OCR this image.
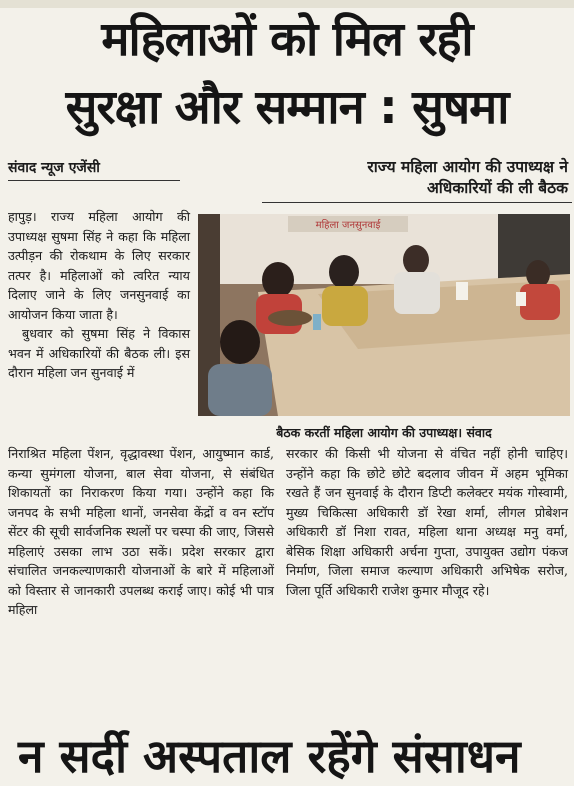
महिलाओं को मिल रही
सुरक्षा और सम्मान : सुषमा
संवाद न्यूज एजेंसी	राज्य महिला आयोग की उपाध्यक्ष ने
अधिकारियों की ली बैठक

हापुड़। राज्य महिला आयोग की उपाध्यक्ष सुषमा सिंह ने कहा कि महिला उत्पीड़न की रोकथाम के लिए सरकार तत्पर है। महिलाओं को त्वरित न्याय दिलाए जाने के लिए जनसुनवाई का आयोजन किया जाता है।

बुधवार को सुषमा सिंह ने विकास भवन में अधिकारियों की बैठक ली। इस दौरान महिला जन सुनवाई में

महिला जनसुनवाई
बैठक करतीं महिला आयोग की उपाध्यक्ष। संवाद

निराश्रित महिला पेंशन, वृद्धावस्था पेंशन, आयुष्मान कार्ड, कन्या सुमंगला योजना, बाल सेवा योजना, से संबंधित शिकायतों का निराकरण किया गया। उन्होंने कहा कि जनपद के सभी महिला थानों, जनसेवा केंद्रों व वन स्टॉप सेंटर की सूची सार्वजनिक स्थलों पर चस्पा की जाए, जिससे महिलाएं उसका लाभ उठा सकें। प्रदेश सरकार द्वारा संचालित जनकल्याणकारी योजनाओं के बारे में महिलाओं को विस्तार से जानकारी उपलब्ध कराई जाए। कोई भी पात्र महिला

सरकार की किसी भी योजना से वंचित नहीं होनी चाहिए। उन्होंने कहा कि छोटे छोटे बदलाव जीवन में अहम भूमिका रखते हैं जन सुनवाई के दौरान डिप्टी कलेक्टर मयंक गोस्वामी, मुख्य चिकित्सा अधिकारी डॉ रेखा शर्मा, लीगल प्रोबेशन अधिकारी डॉ निशा रावत, महिला थाना अध्यक्ष मनु वर्मा, बेसिक शिक्षा अधिकारी अर्चना गुप्ता, उपायुक्त उद्योग पंकज निर्माण, जिला समाज कल्याण अधिकारी अभिषेक सरोज, जिला पूर्ति अधिकारी राजेश कुमार मौजूद रहे।

न सर्दी अस्पताल रहेंगे संसाधन
